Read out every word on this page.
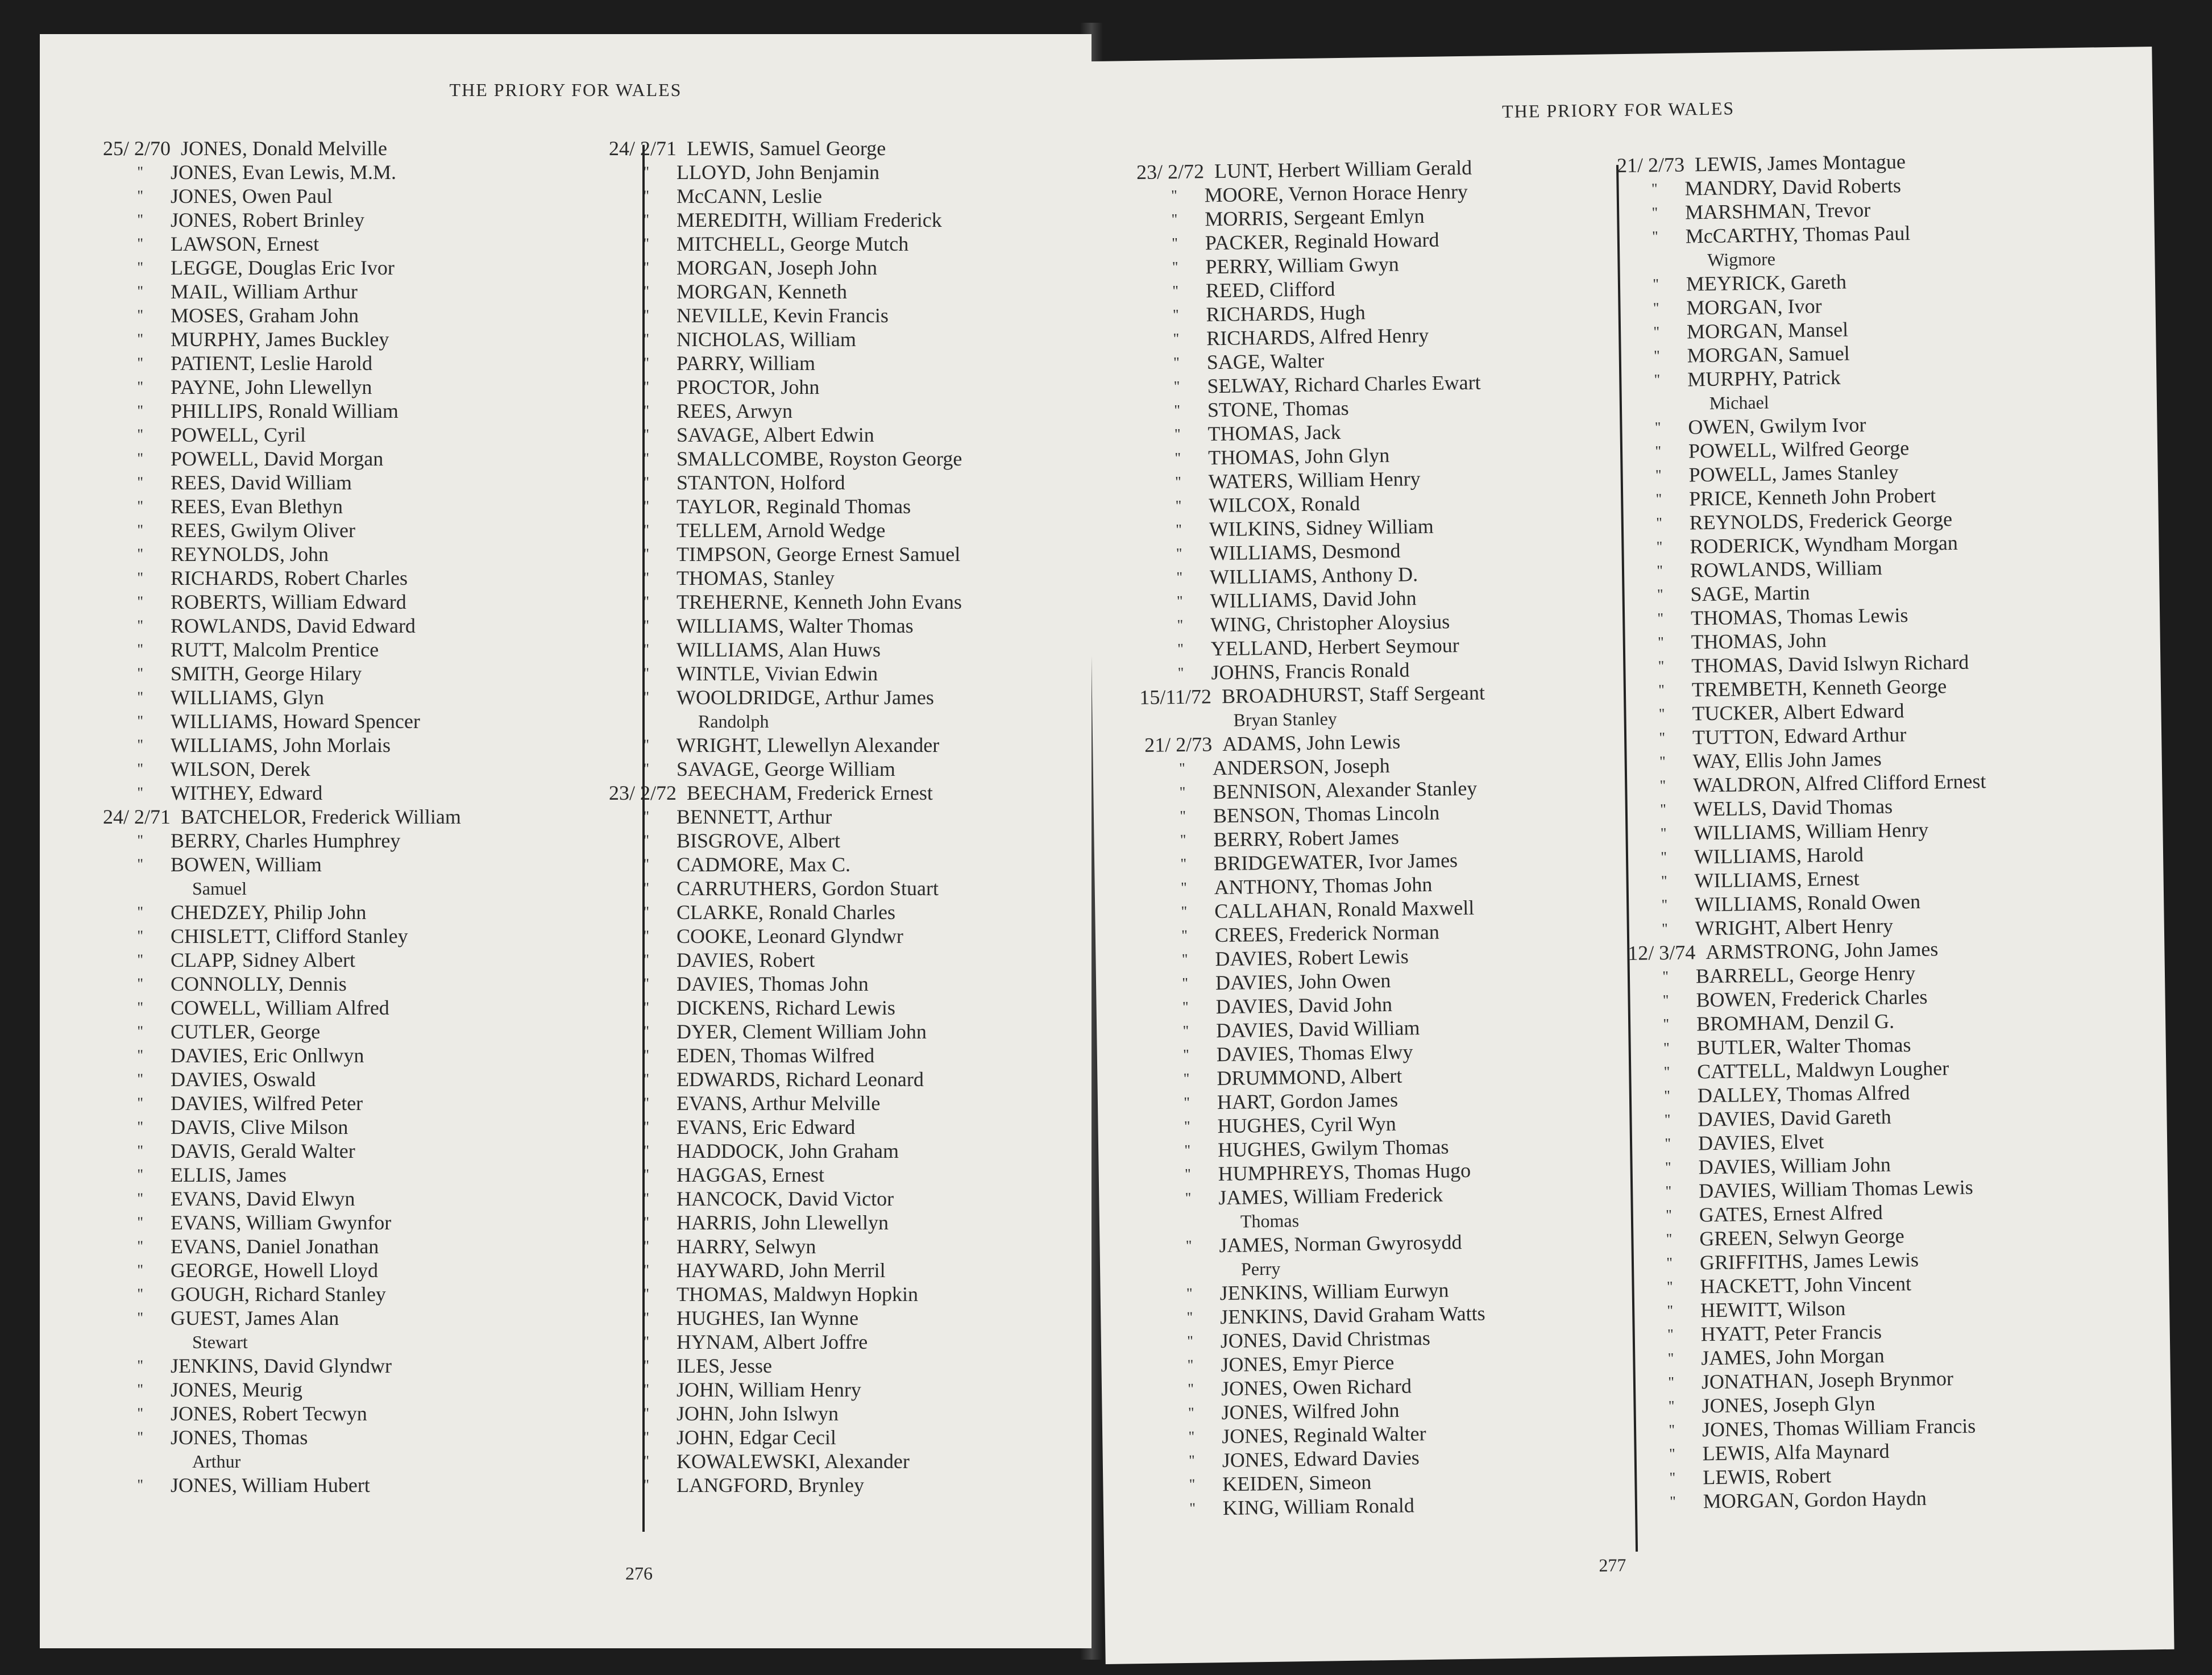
THE PRIORY FOR WALES
25/ 2/70 JONES, Donald Melville
"	JONES, Evan Lewis, M.M.
"	JONES, Owen Paul
"	JONES, Robert Brinley
"	LAWSON, Ernest
"	LEGGE, Douglas Eric Ivor
"	MAIL, William Arthur
"	MOSES, Graham John
"	MURPHY, James Buckley
"	PATIENT, Leslie Harold
"	PAYNE, John Llewellyn
"	PHILLIPS, Ronald William
"	POWELL, Cyril
"	POWELL, David Morgan
"	REES, David William
"	REES, Evan Blethyn
"	REES, Gwilym Oliver
"	REYNOLDS, John
"	RICHARDS, Robert Charles
"	ROBERTS, William Edward
"	ROWLANDS, David Edward
"	RUTT, Malcolm Prentice
"	SMITH, George Hilary
"	WILLIAMS, Glyn
"	WILLIAMS, Howard Spencer
"	WILLIAMS, John Morlais
"	WILSON, Derek
"	WITHEY, Edward
24/ 2/71 BATCHELOR, Frederick William
"	BERRY, Charles Humphrey
"	BOWEN, William
Samuel
"	CHEDZEY, Philip John
"	CHISLETT, Clifford Stanley
"	CLAPP, Sidney Albert
"	CONNOLLY, Dennis
"	COWELL, William Alfred
"	CUTLER, George
"	DAVIES, Eric Onllwyn
"	DAVIES, Oswald
"	DAVIES, Wilfred Peter
"	DAVIS, Clive Milson
"	DAVIS, Gerald Walter
"	ELLIS, James
"	EVANS, David Elwyn
"	EVANS, William Gwynfor
"	EVANS, Daniel Jonathan
"	GEORGE, Howell Lloyd
"	GOUGH, Richard Stanley
"	GUEST, James Alan
Stewart
"	JENKINS, David Glyndwr
"	JONES, Meurig
"	JONES, Robert Tecwyn
"	JONES, Thomas
Arthur
"	JONES, William Hubert
24/ 2/71 LEWIS, Samuel George
"	LLOYD, John Benjamin
"	McCANN, Leslie
"	MEREDITH, William Frederick
"	MITCHELL, George Mutch
"	MORGAN, Joseph John
"	MORGAN, Kenneth
"	NEVILLE, Kevin Francis
"	NICHOLAS, William
"	PARRY, William
"	PROCTOR, John
"	REES, Arwyn
"	SAVAGE, Albert Edwin
"	SMALLCOMBE, Royston George
"	STANTON, Holford
"	TAYLOR, Reginald Thomas
"	TELLEM, Arnold Wedge
"	TIMPSON, George Ernest Samuel
"	THOMAS, Stanley
"	TREHERNE, Kenneth John Evans
"	WILLIAMS, Walter Thomas
"	WILLIAMS, Alan Huws
"	WINTLE, Vivian Edwin
"	WOOLDRIDGE, Arthur James
Randolph
"	WRIGHT, Llewellyn Alexander
"	SAVAGE, George William
23/ 2/72 BEECHAM, Frederick Ernest
"	BENNETT, Arthur
"	BISGROVE, Albert
"	CADMORE, Max C.
"	CARRUTHERS, Gordon Stuart
"	CLARKE, Ronald Charles
"	COOKE, Leonard Glyndwr
"	DAVIES, Robert
"	DAVIES, Thomas John
"	DICKENS, Richard Lewis
"	DYER, Clement William John
"	EDEN, Thomas Wilfred
"	EDWARDS, Richard Leonard
"	EVANS, Arthur Melville
"	EVANS, Eric Edward
"	HADDOCK, John Graham
"	HAGGAS, Ernest
"	HANCOCK, David Victor
"	HARRIS, John Llewellyn
"	HARRY, Selwyn
"	HAYWARD, John Merril
"	THOMAS, Maldwyn Hopkin
"	HUGHES, Ian Wynne
"	HYNAM, Albert Joffre
"	ILES, Jesse
"	JOHN, William Henry
"	JOHN, John Islwyn
"	JOHN, Edgar Cecil
"	KOWALEWSKI, Alexander
"	LANGFORD, Brynley
276
THE PRIORY FOR WALES
23/ 2/72 LUNT, Herbert William Gerald
"	MOORE, Vernon Horace Henry
"	MORRIS, Sergeant Emlyn
"	PACKER, Reginald Howard
"	PERRY, William Gwyn
"	REED, Clifford
"	RICHARDS, Hugh
"	RICHARDS, Alfred Henry
"	SAGE, Walter
"	SELWAY, Richard Charles Ewart
"	STONE, Thomas
"	THOMAS, Jack
"	THOMAS, John Glyn
"	WATERS, William Henry
"	WILCOX, Ronald
"	WILKINS, Sidney William
"	WILLIAMS, Desmond
"	WILLIAMS, Anthony D.
"	WILLIAMS, David John
"	WING, Christopher Aloysius
"	YELLAND, Herbert Seymour
"	JOHNS, Francis Ronald
15/11/72 BROADHURST, Staff Sergeant
Bryan Stanley
21/ 2/73 ADAMS, John Lewis
"	ANDERSON, Joseph
"	BENNISON, Alexander Stanley
"	BENSON, Thomas Lincoln
"	BERRY, Robert James
"	BRIDGEWATER, Ivor James
"	ANTHONY, Thomas John
"	CALLAHAN, Ronald Maxwell
"	CREES, Frederick Norman
"	DAVIES, Robert Lewis
"	DAVIES, John Owen
"	DAVIES, David John
"	DAVIES, David William
"	DAVIES, Thomas Elwy
"	DRUMMOND, Albert
"	HART, Gordon James
"	HUGHES, Cyril Wyn
"	HUGHES, Gwilym Thomas
"	HUMPHREYS, Thomas Hugo
"	JAMES, William Frederick
Thomas
"	JAMES, Norman Gwyrosydd
Perry
"	JENKINS, William Eurwyn
"	JENKINS, David Graham Watts
"	JONES, David Christmas
"	JONES, Emyr Pierce
"	JONES, Owen Richard
"	JONES, Wilfred John
"	JONES, Reginald Walter
"	JONES, Edward Davies
"	KEIDEN, Simeon
"	KING, William Ronald
21/ 2/73 LEWIS, James Montague
"	MANDRY, David Roberts
"	MARSHMAN, Trevor
"	McCARTHY, Thomas Paul
Wigmore
"	MEYRICK, Gareth
"	MORGAN, Ivor
"	MORGAN, Mansel
"	MORGAN, Samuel
"	MURPHY, Patrick
Michael
"	OWEN, Gwilym Ivor
"	POWELL, Wilfred George
"	POWELL, James Stanley
"	PRICE, Kenneth John Probert
"	REYNOLDS, Frederick George
"	RODERICK, Wyndham Morgan
"	ROWLANDS, William
"	SAGE, Martin
"	THOMAS, Thomas Lewis
"	THOMAS, John
"	THOMAS, David Islwyn Richard
"	TREMBETH, Kenneth George
"	TUCKER, Albert Edward
"	TUTTON, Edward Arthur
"	WAY, Ellis John James
"	WALDRON, Alfred Clifford Ernest
"	WELLS, David Thomas
"	WILLIAMS, William Henry
"	WILLIAMS, Harold
"	WILLIAMS, Ernest
"	WILLIAMS, Ronald Owen
"	WRIGHT, Albert Henry
12/ 3/74 ARMSTRONG, John James
"	BARRELL, George Henry
"	BOWEN, Frederick Charles
"	BROMHAM, Denzil G.
"	BUTLER, Walter Thomas
"	CATTELL, Maldwyn Lougher
"	DALLEY, Thomas Alfred
"	DAVIES, David Gareth
"	DAVIES, Elvet
"	DAVIES, William John
"	DAVIES, William Thomas Lewis
"	GATES, Ernest Alfred
"	GREEN, Selwyn George
"	GRIFFITHS, James Lewis
"	HACKETT, John Vincent
"	HEWITT, Wilson
"	HYATT, Peter Francis
"	JAMES, John Morgan
"	JONATHAN, Joseph Brynmor
"	JONES, Joseph Glyn
"	JONES, Thomas William Francis
"	LEWIS, Alfa Maynard
"	LEWIS, Robert
"	MORGAN, Gordon Haydn
277
